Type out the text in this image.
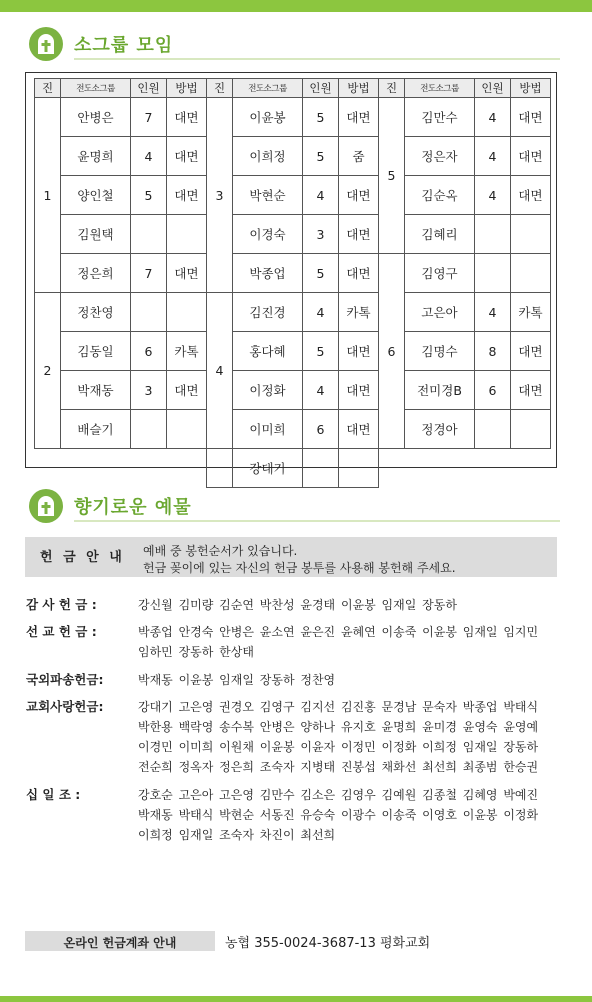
소그룹 모임
진	전도소그룹	인원	방법
1	안병은	7	대면
	윤명희	4	대면
	양인철	5	대면
	김원택		
	정은희	7	대면
2	정찬영		
	김동일	6	카톡
	박재동	3	대면
	배슬기		
진	전도소그룹	인원	방법
3	이윤봉	5	대면
	이희정	5	줌
	박현순	4	대면
	이경숙	3	대면
	박종업	5	대면
4	김진경	4	카톡
	홍다혜	5	대면
	이정화	4	대면
	이미희	6	대면
	강대기		
진	전도소그룹	인원	방법
5	김만수	4	대면
	정은자	4	대면
	김순옥	4	대면
	김혜리		
6	김영구		
	고은아	4	카톡
	김명수	8	대면
	전미경B	6	대면
	정경아		
향기로운 예물
헌 금 안 내 예배 중 봉헌순서가 있습니다.
헌금 꽂이에 있는 자신의 헌금 봉투를 사용해 봉헌해 주세요.
감 사 헌 금 :	강신월 김미량 김순연 박찬성 윤경태 이윤봉 임재일 장동하
선 교 헌 금 :	박종업 안경숙 안병은 윤소연 윤은진 윤혜연 이송죽 이윤봉 임재일 임지민
임하민 장동하 한상태
국외파송헌금:	박재동 이윤봉 임재일 장동하 정찬영
교회사랑헌금:	강대기 고은영 권경오 김영구 김지선 김진홍 문경남 문숙자 박종업 박태식
박한용 백락영 송수복 안병은 양하나 유지호 윤명희 윤미경 윤영숙 윤영예
이경민 이미희 이원채 이윤봉 이윤자 이정민 이정화 이희정 임재일 장동하
전순희 정옥자 정은희 조숙자 지병태 진봉섭 채화선 최선희 최종범 한승권
십 일 조 :	강호순 고은아 고은영 김만수 김소은 김영우 김예원 김종철 김혜영 박예진
박재동 박태식 박현순 서동진 유승숙 이광수 이송죽 이영호 이윤봉 이정화
이희정 임재일 조숙자 차진이 최선희
온라인 헌금계좌 안내	농협 355-0024-3687-13 평화교회
